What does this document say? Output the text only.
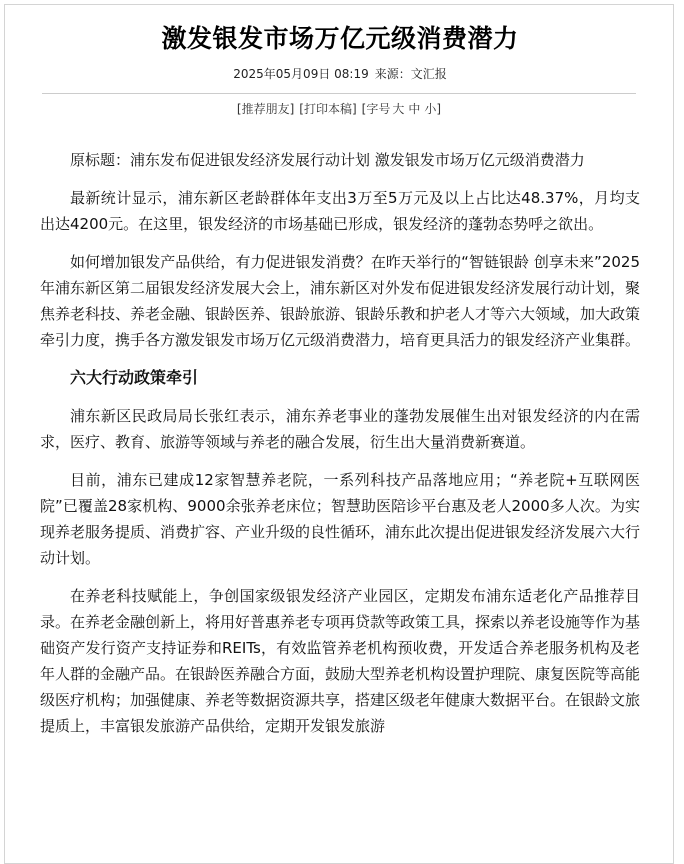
激发银发市场万亿元级消费潜力
2025年05月09日 08:19 来源：文汇报
[推荐朋友] [打印本稿] [字号 大 中 小]

原标题：浦东发布促进银发经济发展行动计划 激发银发市场万亿元级消费潜力

最新统计显示，浦东新区老龄群体年支出3万至5万元及以上占比达48.37%，月均支出达4200元。在这里，银发经济的市场基础已形成，银发经济的蓬勃态势呼之欲出。

如何增加银发产品供给，有力促进银发消费？在昨天举行的“智链银龄 创享未来”2025年浦东新区第二届银发经济发展大会上，浦东新区对外发布促进银发经济发展行动计划，聚焦养老科技、养老金融、银龄医养、银龄旅游、银龄乐教和护老人才等六大领域，加大政策牵引力度，携手各方激发银发市场万亿元级消费潜力，培育更具活力的银发经济产业集群。

六大行动政策牵引

浦东新区民政局局长张红表示，浦东养老事业的蓬勃发展催生出对银发经济的内在需求，医疗、教育、旅游等领域与养老的融合发展，衍生出大量消费新赛道。

目前，浦东已建成12家智慧养老院，一系列科技产品落地应用；“养老院+互联网医院”已覆盖28家机构、9000余张养老床位；智慧助医陪诊平台惠及老人2000多人次。为实现养老服务提质、消费扩容、产业升级的良性循环，浦东此次提出促进银发经济发展六大行动计划。

在养老科技赋能上，争创国家级银发经济产业园区，定期发布浦东适老化产品推荐目录。在养老金融创新上，将用好普惠养老专项再贷款等政策工具，探索以养老设施等作为基础资产发行资产支持证券和REITs，有效监管养老机构预收费，开发适合养老服务机构及老年人群的金融产品。在银龄医养融合方面，鼓励大型养老机构设置护理院、康复医院等高能级医疗机构；加强健康、养老等数据资源共享，搭建区级老年健康大数据平台。在银龄文旅提质上，丰富银发旅游产品供给，定期开发银发旅游
